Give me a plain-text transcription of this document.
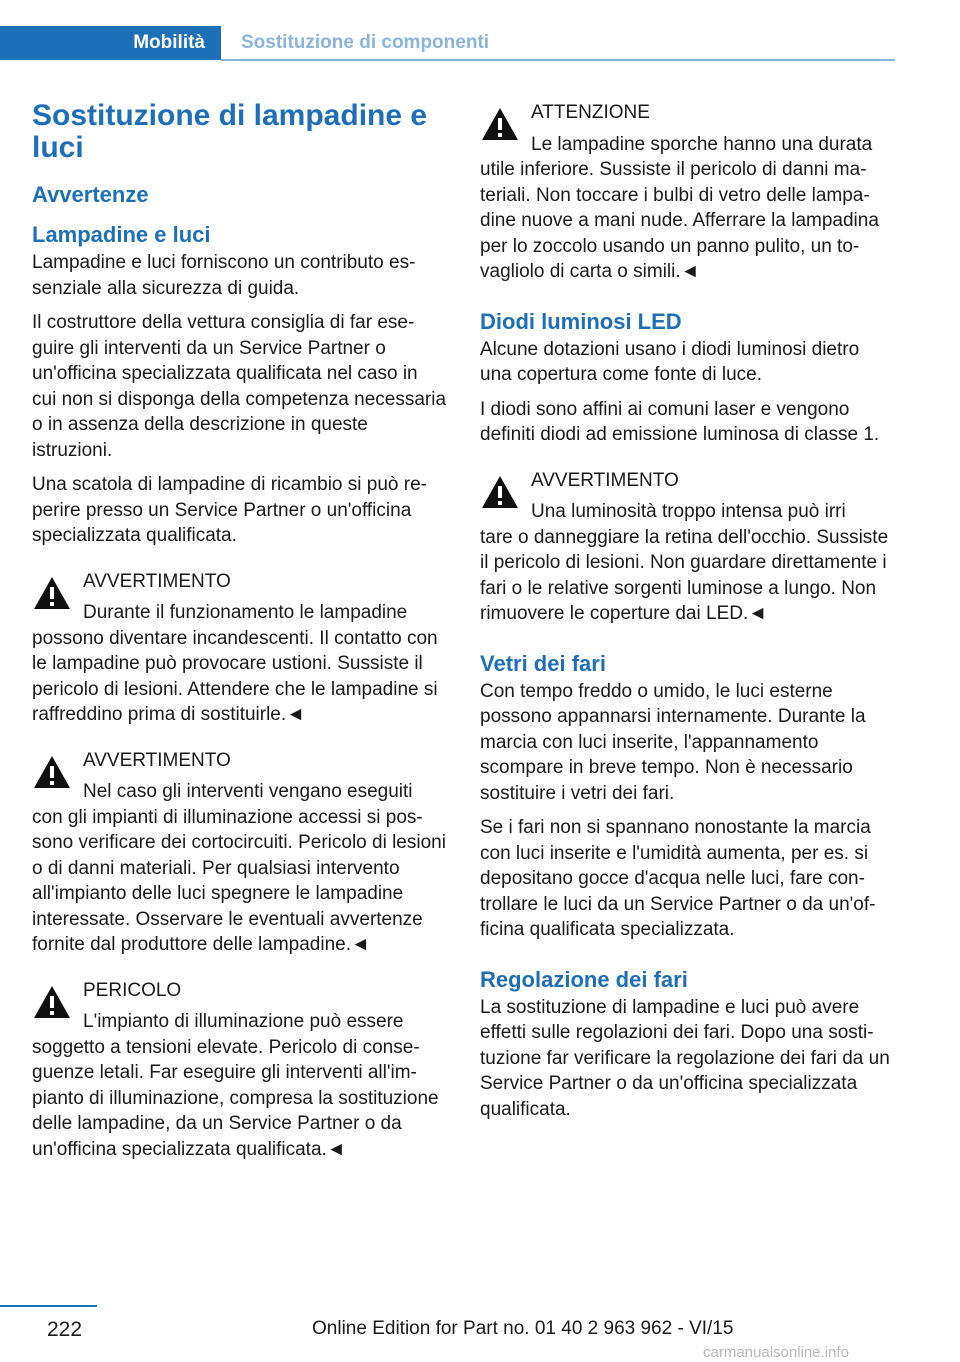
Mobilità	Sostituzione di componenti
Sostituzione di lampadine e luci
Avvertenze
Lampadine e luci

Lampadine e luci forniscono un contributo essenziale alla sicurezza di guida.

Il costruttore della vettura consiglia di far eseguire gli interventi da un Service Partner o un'officina specializzata qualificata nel caso in cui non si disponga della competenza necessaria o in assenza della descrizione in queste istruzioni.

Una scatola di lampadine di ricambio si può reperire presso un Service Partner o un'officina specializzata qualificata.

AVVERTIMENTO
Durante il funzionamento le lampadine
possono diventare incandescenti. Il contatto con le lampadine può provocare ustioni. Sussiste il pericolo di lesioni. Attendere che le lampadine si raffreddino prima di sostituirle.◄
AVVERTIMENTO
Nel caso gli interventi vengano eseguiti
con gli impianti di illuminazione accessi si possono verificare dei cortocircuiti. Pericolo di lesioni o di danni materiali. Per qualsiasi intervento all'impianto delle luci spegnere le lampadine interessate. Osservare le eventuali avvertenze fornite dal produttore delle lampadine.◄
PERICOLO
L'impianto di illuminazione può essere
soggetto a tensioni elevate. Pericolo di conseguenze letali. Far eseguire gli interventi all'impianto di illuminazione, compresa la sostituzione delle lampadine, da un Service Partner o da un'officina specializzata qualificata.◄
ATTENZIONE
Le lampadine sporche hanno una durata
utile inferiore. Sussiste il pericolo di danni materiali. Non toccare i bulbi di vetro delle lampadine nuove a mani nude. Afferrare la lampadina per lo zoccolo usando un panno pulito, un tovagliolo di carta o simili.◄
Diodi luminosi LED

Alcune dotazioni usano i diodi luminosi dietro una copertura come fonte di luce.

I diodi sono affini ai comuni laser e vengono definiti diodi ad emissione luminosa di classe 1.

AVVERTIMENTO
Una luminosità troppo intensa può irri
tare o danneggiare la retina dell'occhio. Sussiste il pericolo di lesioni. Non guardare direttamente i fari o le relative sorgenti luminose a lungo. Non rimuovere le coperture dai LED.◄
Vetri dei fari

Con tempo freddo o umido, le luci esterne possono appannarsi internamente. Durante la marcia con luci inserite, l'appannamento scompare in breve tempo. Non è necessario sostituire i vetri dei fari.

Se i fari non si spannano nonostante la marcia con luci inserite e l'umidità aumenta, per es. si depositano gocce d'acqua nelle luci, fare controllare le luci da un Service Partner o da un'officina qualificata specializzata.

Regolazione dei fari

La sostituzione di lampadine e luci può avere effetti sulle regolazioni dei fari. Dopo una sostituzione far verificare la regolazione dei fari da un Service Partner o da un'officina specializzata qualificata.

222	Online Edition for Part no. 01 40 2 963 962 - VI/15
carmanualsonline.info
